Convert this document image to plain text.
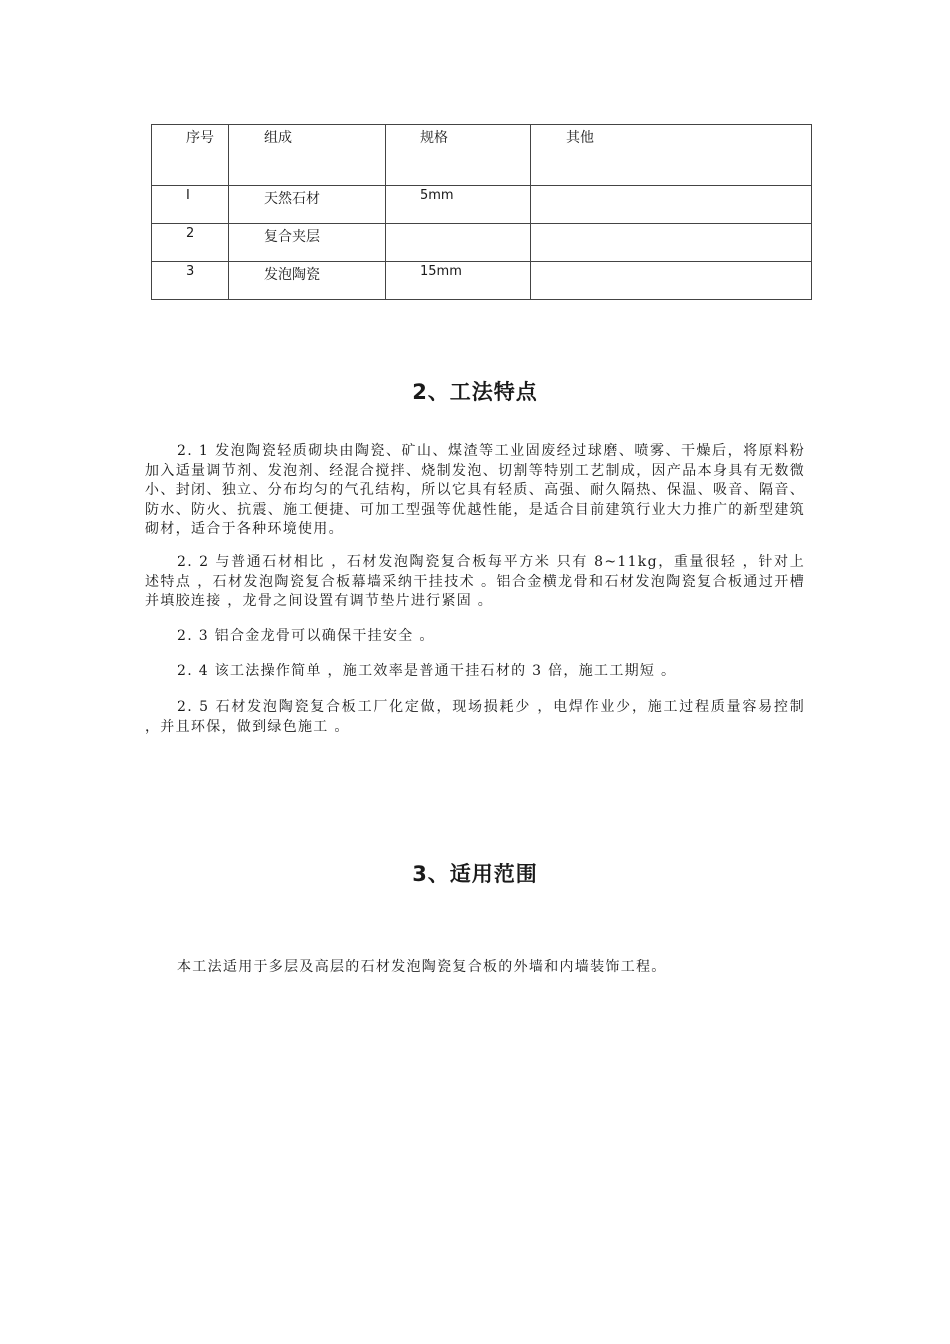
序号	组成	规格	其他
I	天然石材	5mm	
2	复合夹层		
3	发泡陶瓷	15mm	
2、工法特点

2. 1 发泡陶瓷轻质砌块由陶瓷、矿山、煤渣等工业固废经过球磨、喷雾、干燥后，将原料粉加入适量调节剂、发泡剂、经混合搅拌、烧制发泡、切割等特别工艺制成，因产品本身具有无数微小、封闭、独立、分布均匀的气孔结构，所以它具有轻质、高强、耐久隔热、保温、吸音、隔音、防水、防火、抗震、施工便捷、可加工型强等优越性能，是适合目前建筑行业大力推广的新型建筑砌材，适合于各种环境使用。

2. 2 与普通石材相比 ，石材发泡陶瓷复合板每平方米 只有 8~11kg，重量很轻 ，针对上述特点 ，石材发泡陶瓷复合板幕墙采纳干挂技术 。铝合金横龙骨和石材发泡陶瓷复合板通过开槽并填胶连接 ，龙骨之间设置有调节垫片进行紧固 。

2. 3 铝合金龙骨可以确保干挂安全 。

2. 4 该工法操作简单 ，施工效率是普通干挂石材的 3 倍，施工工期短 。

2. 5 石材发泡陶瓷复合板工厂化定做，现场损耗少 ，电焊作业少，施工过程质量容易控制 ，并且环保，做到绿色施工 。

3、适用范围

本工法适用于多层及高层的石材发泡陶瓷复合板的外墙和内墙装饰工程。
